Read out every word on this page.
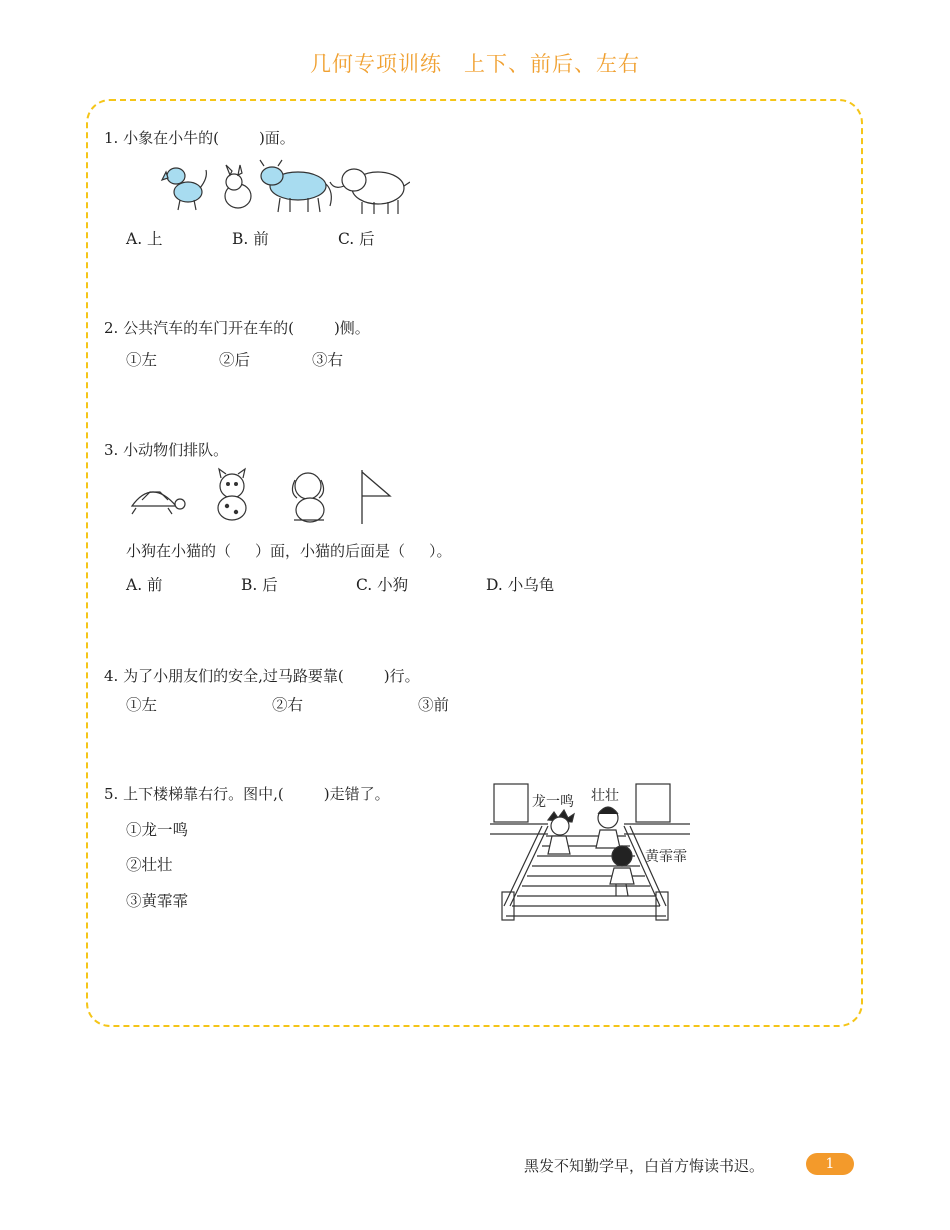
几何专项训练 上下、前后、左右
1. 小象在小牛的(	)面。
A. 上	B. 前	C. 后
2. 公共汽车的车门开在车的(	)侧。
①左	②后	③右
3. 小动物们排队。
小狗在小猫的（ ）面，小猫的后面是（ ）。
A. 前	B. 后	C. 小狗	D. 小乌龟
4. 为了小朋友们的安全,过马路要靠(	)行。
①左	②右	③前
5. 上下楼梯靠右行。图中,(	)走错了。
①龙一鸣
②壮壮
③黄霏霏
龙一鸣 壮壮
黄霏霏
黑发不知勤学早，白首方悔读书迟。	1
